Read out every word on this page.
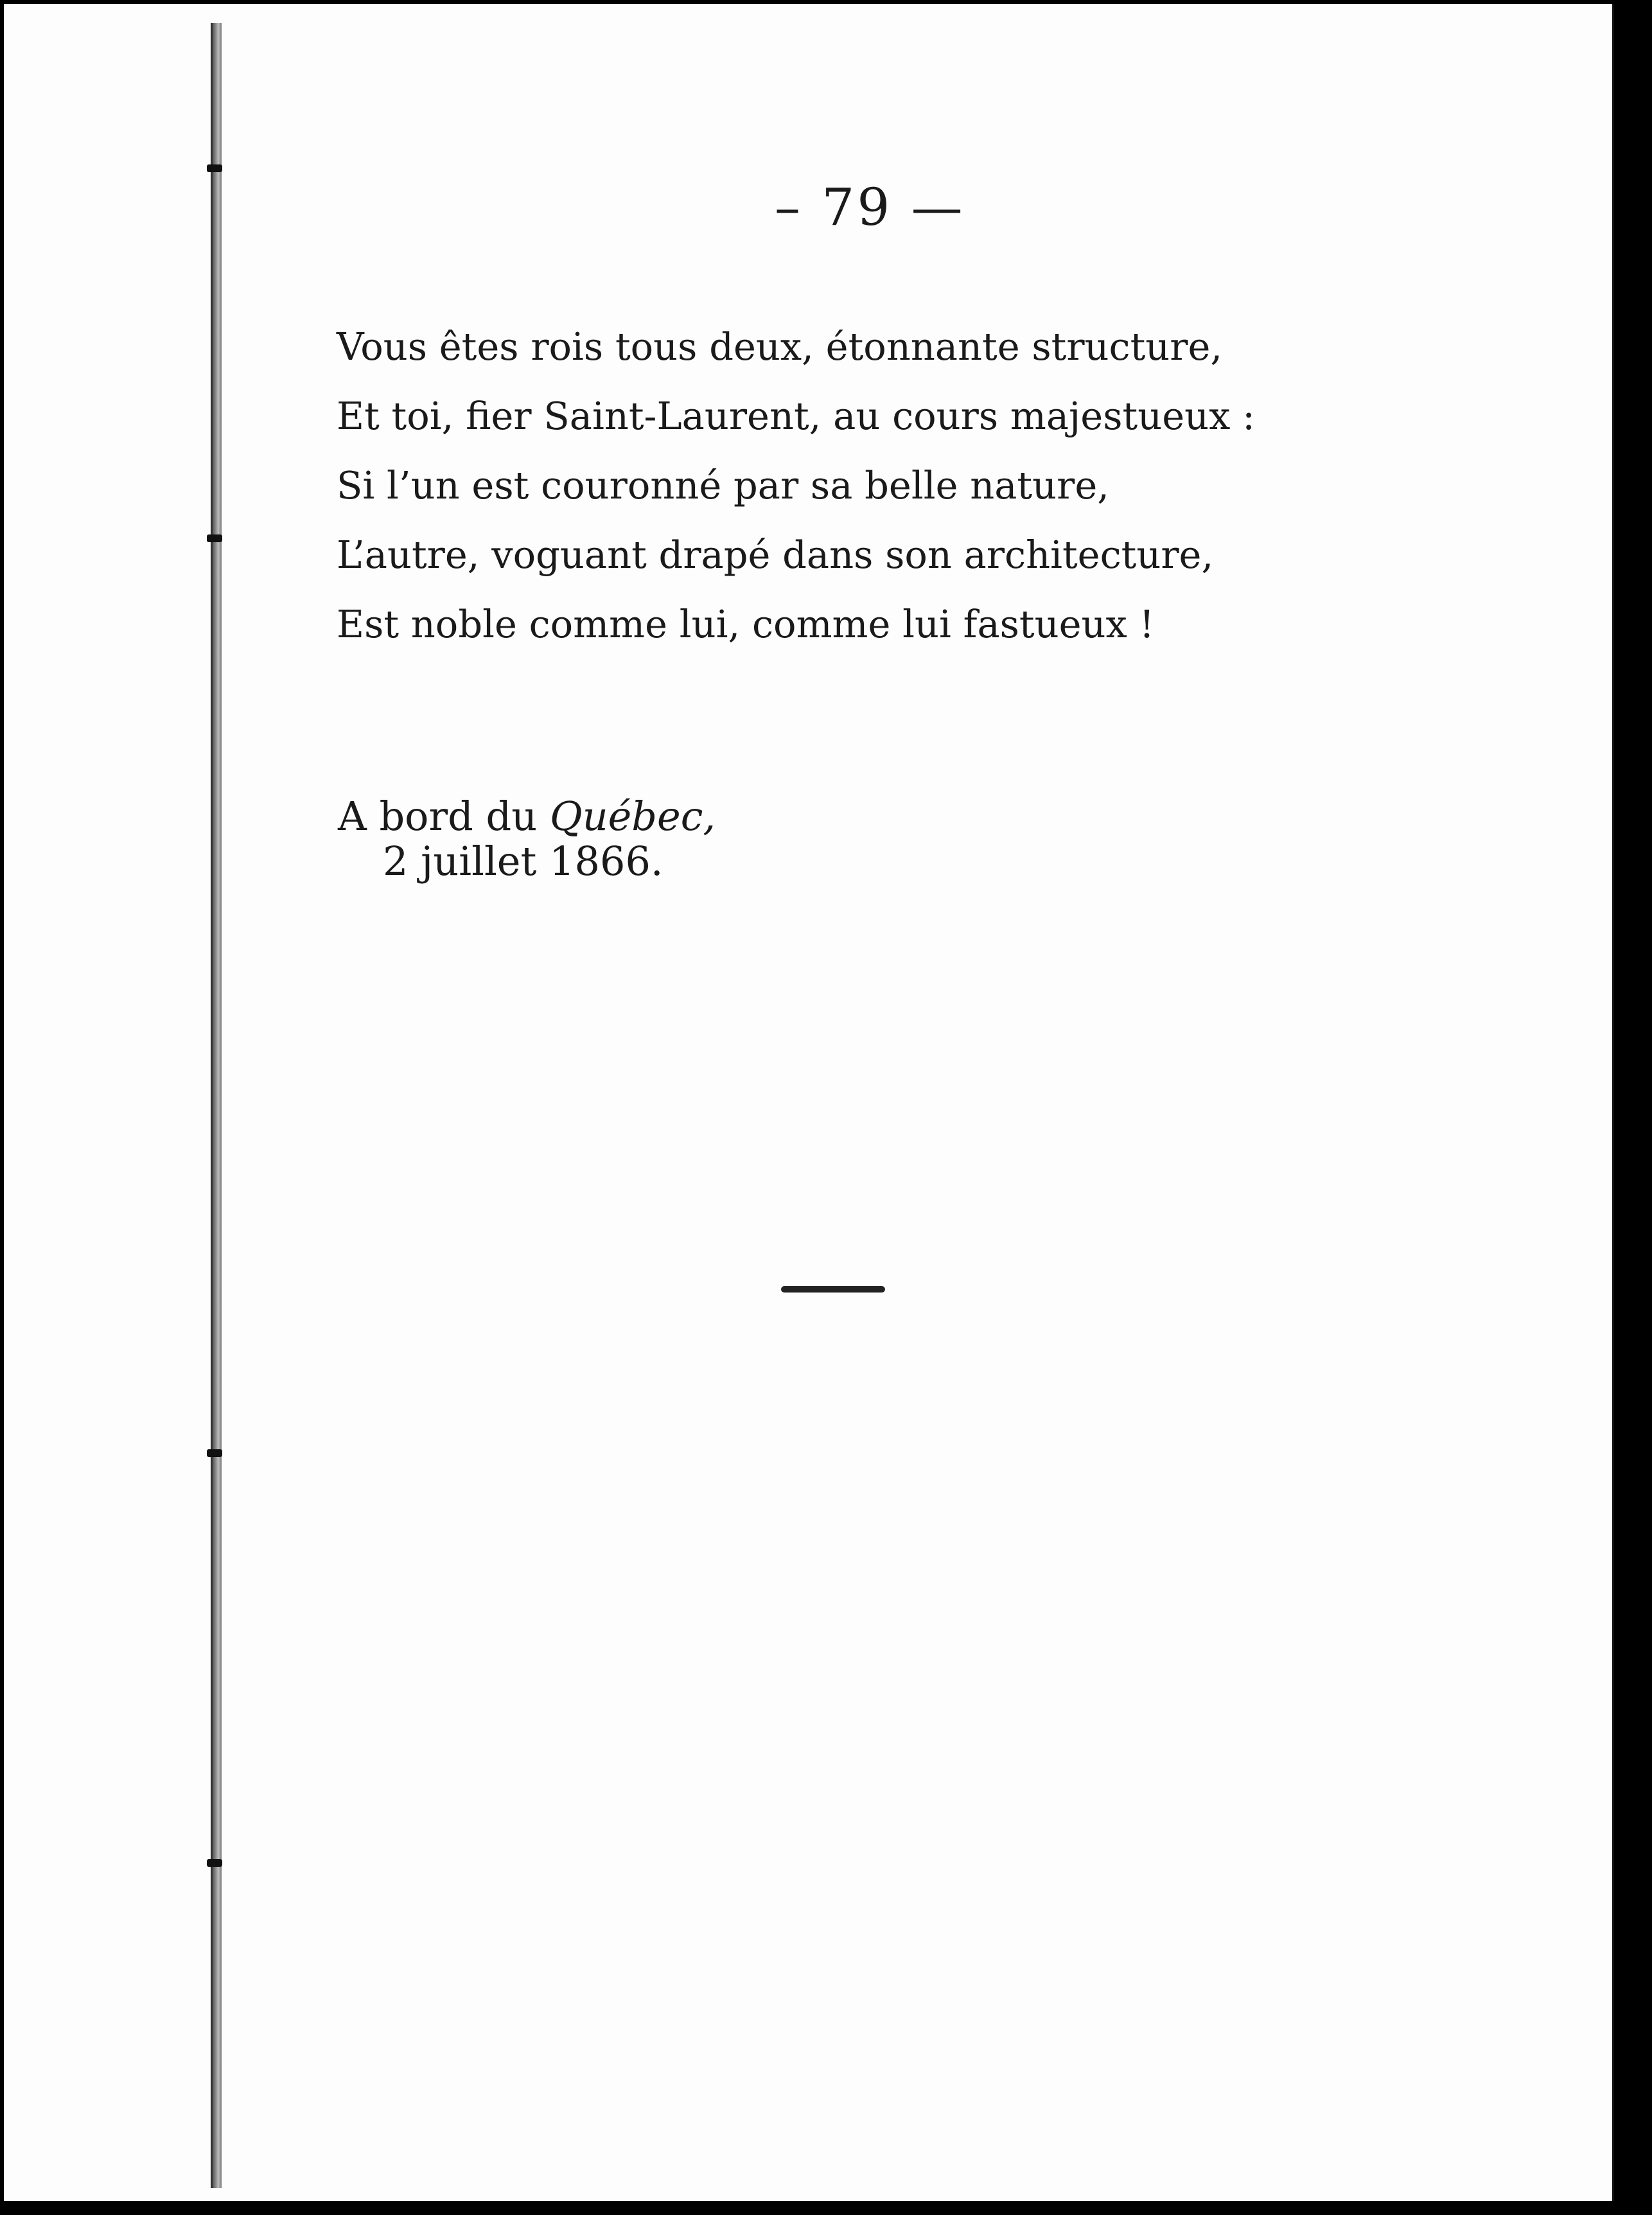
– 79 —
Vous êtes rois tous deux, étonnante structure,
Et toi, fier Saint-Laurent, au cours majestueux :
Si l’un est couronné par sa belle nature,
L’autre, voguant drapé dans son architecture,
Est noble comme lui, comme lui fastueux !
A bord du Québec,
2 juillet 1866.
